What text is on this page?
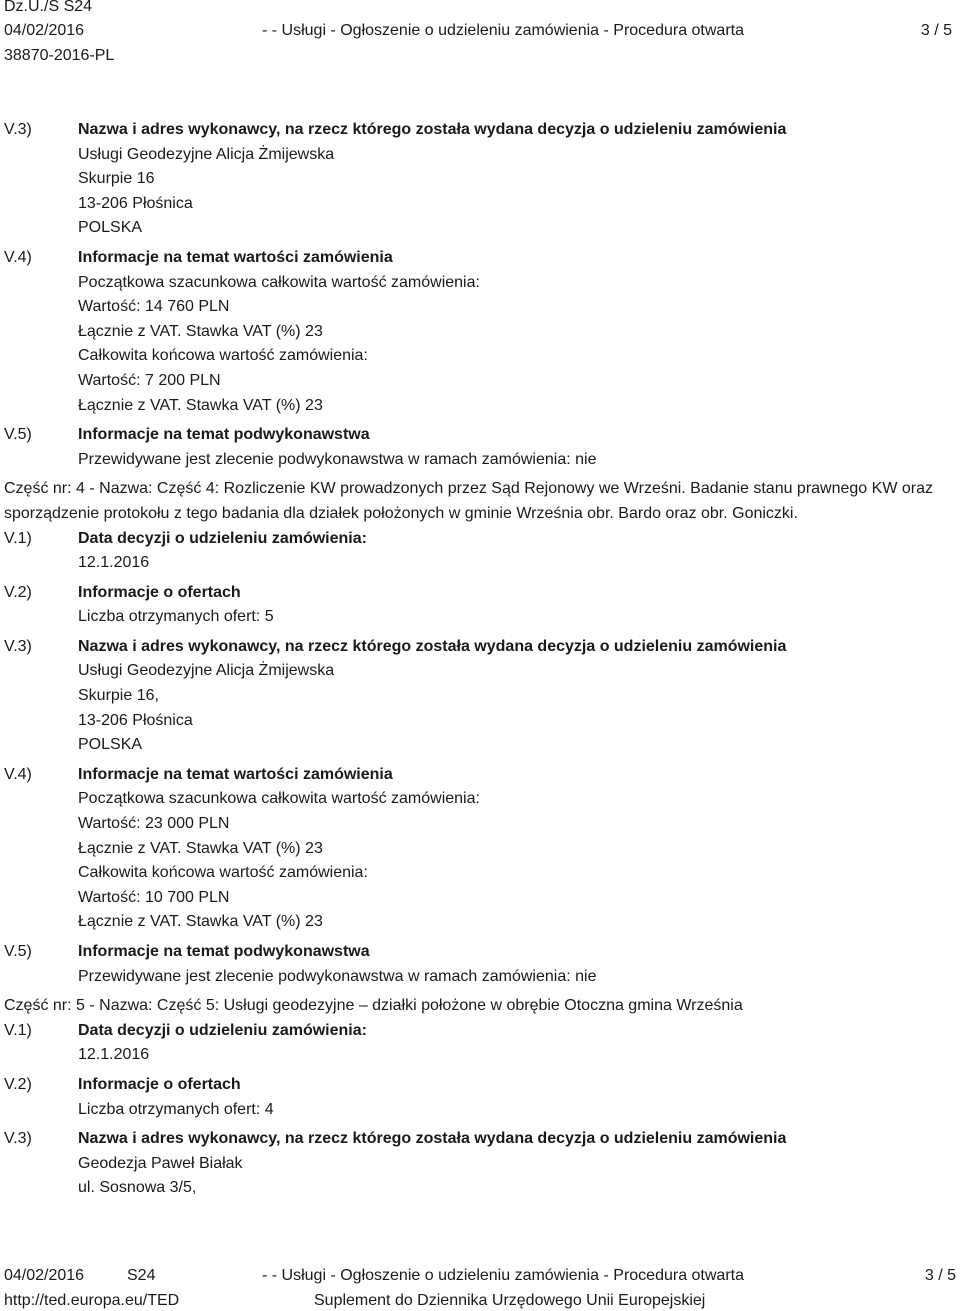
Dz.U./S S24
04/02/2016
38870-2016-PL
- - Usługi - Ogłoszenie o udzieleniu zamówienia - Procedura otwarta	3 / 5
V.3)	Nazwa i adres wykonawcy, na rzecz którego została wydana decyzja o udzieleniu zamówienia
Usługi Geodezyjne Alicja Żmijewska
Skurpie 16
13-206 Płośnica
POLSKA
V.4)	Informacje na temat wartości zamówienia
Początkowa szacunkowa całkowita wartość zamówienia:
Wartość: 14 760 PLN
Łącznie z VAT. Stawka VAT (%) 23
Całkowita końcowa wartość zamówienia:
Wartość: 7 200 PLN
Łącznie z VAT. Stawka VAT (%) 23
V.5)	Informacje na temat podwykonawstwa
Przewidywane jest zlecenie podwykonawstwa w ramach zamówienia: nie

Część nr: 4 - Nazwa: Część 4: Rozliczenie KW prowadzonych przez Sąd Rejonowy we Wrześni. Badanie stanu prawnego KW oraz sporządzenie protokołu z tego badania dla działek położonych w gminie Września obr. Bardo oraz obr. Goniczki.

V.1)	Data decyzji o udzieleniu zamówienia:
12.1.2016
V.2)	Informacje o ofertach
Liczba otrzymanych ofert: 5
V.3)	Nazwa i adres wykonawcy, na rzecz którego została wydana decyzja o udzieleniu zamówienia
Usługi Geodezyjne Alicja Żmijewska
Skurpie 16,
13-206 Płośnica
POLSKA
V.4)	Informacje na temat wartości zamówienia
Początkowa szacunkowa całkowita wartość zamówienia:
Wartość: 23 000 PLN
Łącznie z VAT. Stawka VAT (%) 23
Całkowita końcowa wartość zamówienia:
Wartość: 10 700 PLN
Łącznie z VAT. Stawka VAT (%) 23
V.5)	Informacje na temat podwykonawstwa
Przewidywane jest zlecenie podwykonawstwa w ramach zamówienia: nie

Część nr: 5 - Nazwa: Część 5: Usługi geodezyjne – działki położone w obrębie Otoczna gmina Września

V.1)	Data decyzji o udzieleniu zamówienia:
12.1.2016
V.2)	Informacje o ofertach
Liczba otrzymanych ofert: 4
V.3)	Nazwa i adres wykonawcy, na rzecz którego została wydana decyzja o udzieleniu zamówienia
Geodezja Paweł Białak
ul. Sosnowa 3/5,
04/02/2016	S24
http://ted.europa.eu/TED
- - Usługi - Ogłoszenie o udzieleniu zamówienia - Procedura otwarta
Suplement do Dziennika Urzędowego Unii Europejskiej
3 / 5
